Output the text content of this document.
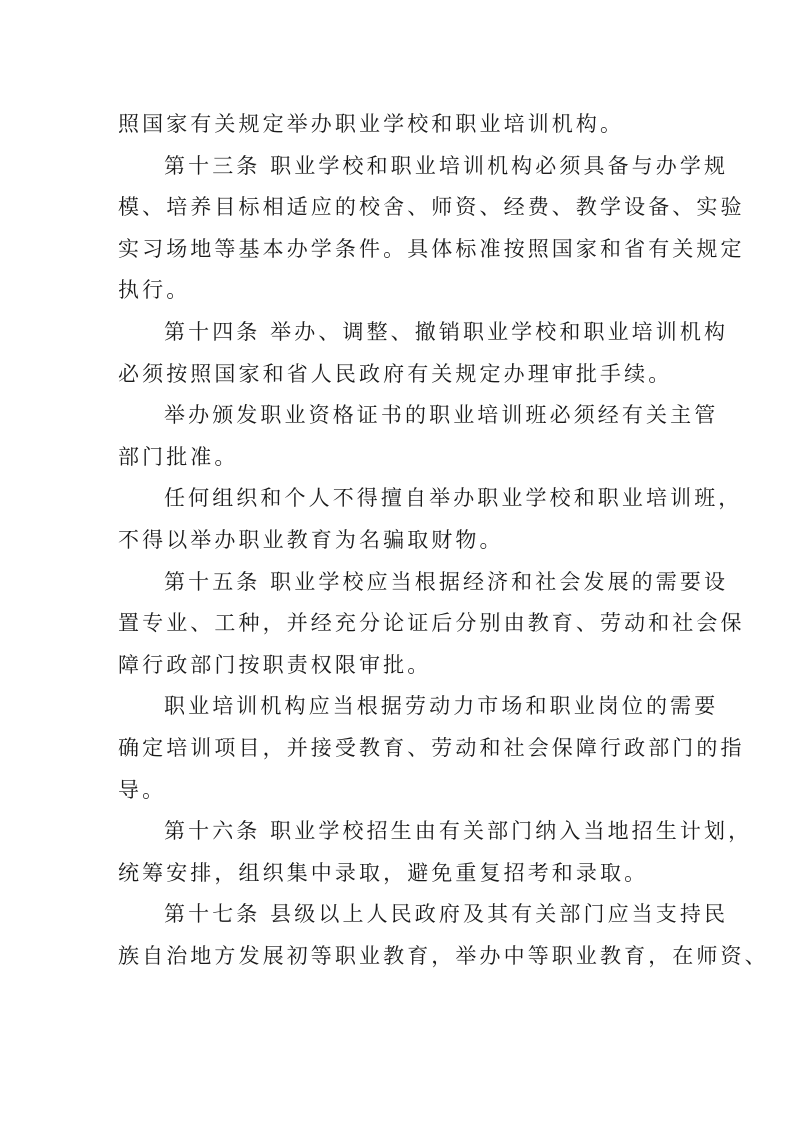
照国家有关规定举办职业学校和职业培训机构。

第十三条 职业学校和职业培训机构必须具备与办学规
模、培养目标相适应的校舍、师资、经费、教学设备、实验
实习场地等基本办学条件。具体标准按照国家和省有关规定
执行。

第十四条 举办、调整、撤销职业学校和职业培训机构
必须按照国家和省人民政府有关规定办理审批手续。

举办颁发职业资格证书的职业培训班必须经有关主管
部门批准。

任何组织和个人不得擅自举办职业学校和职业培训班，
不得以举办职业教育为名骗取财物。

第十五条 职业学校应当根据经济和社会发展的需要设
置专业、工种，并经充分论证后分别由教育、劳动和社会保
障行政部门按职责权限审批。

职业培训机构应当根据劳动力市场和职业岗位的需要
确定培训项目，并接受教育、劳动和社会保障行政部门的指
导。

第十六条 职业学校招生由有关部门纳入当地招生计划，
统筹安排，组织集中录取，避免重复招考和录取。

第十七条 县级以上人民政府及其有关部门应当支持民
族自治地方发展初等职业教育，举办中等职业教育，在师资、
